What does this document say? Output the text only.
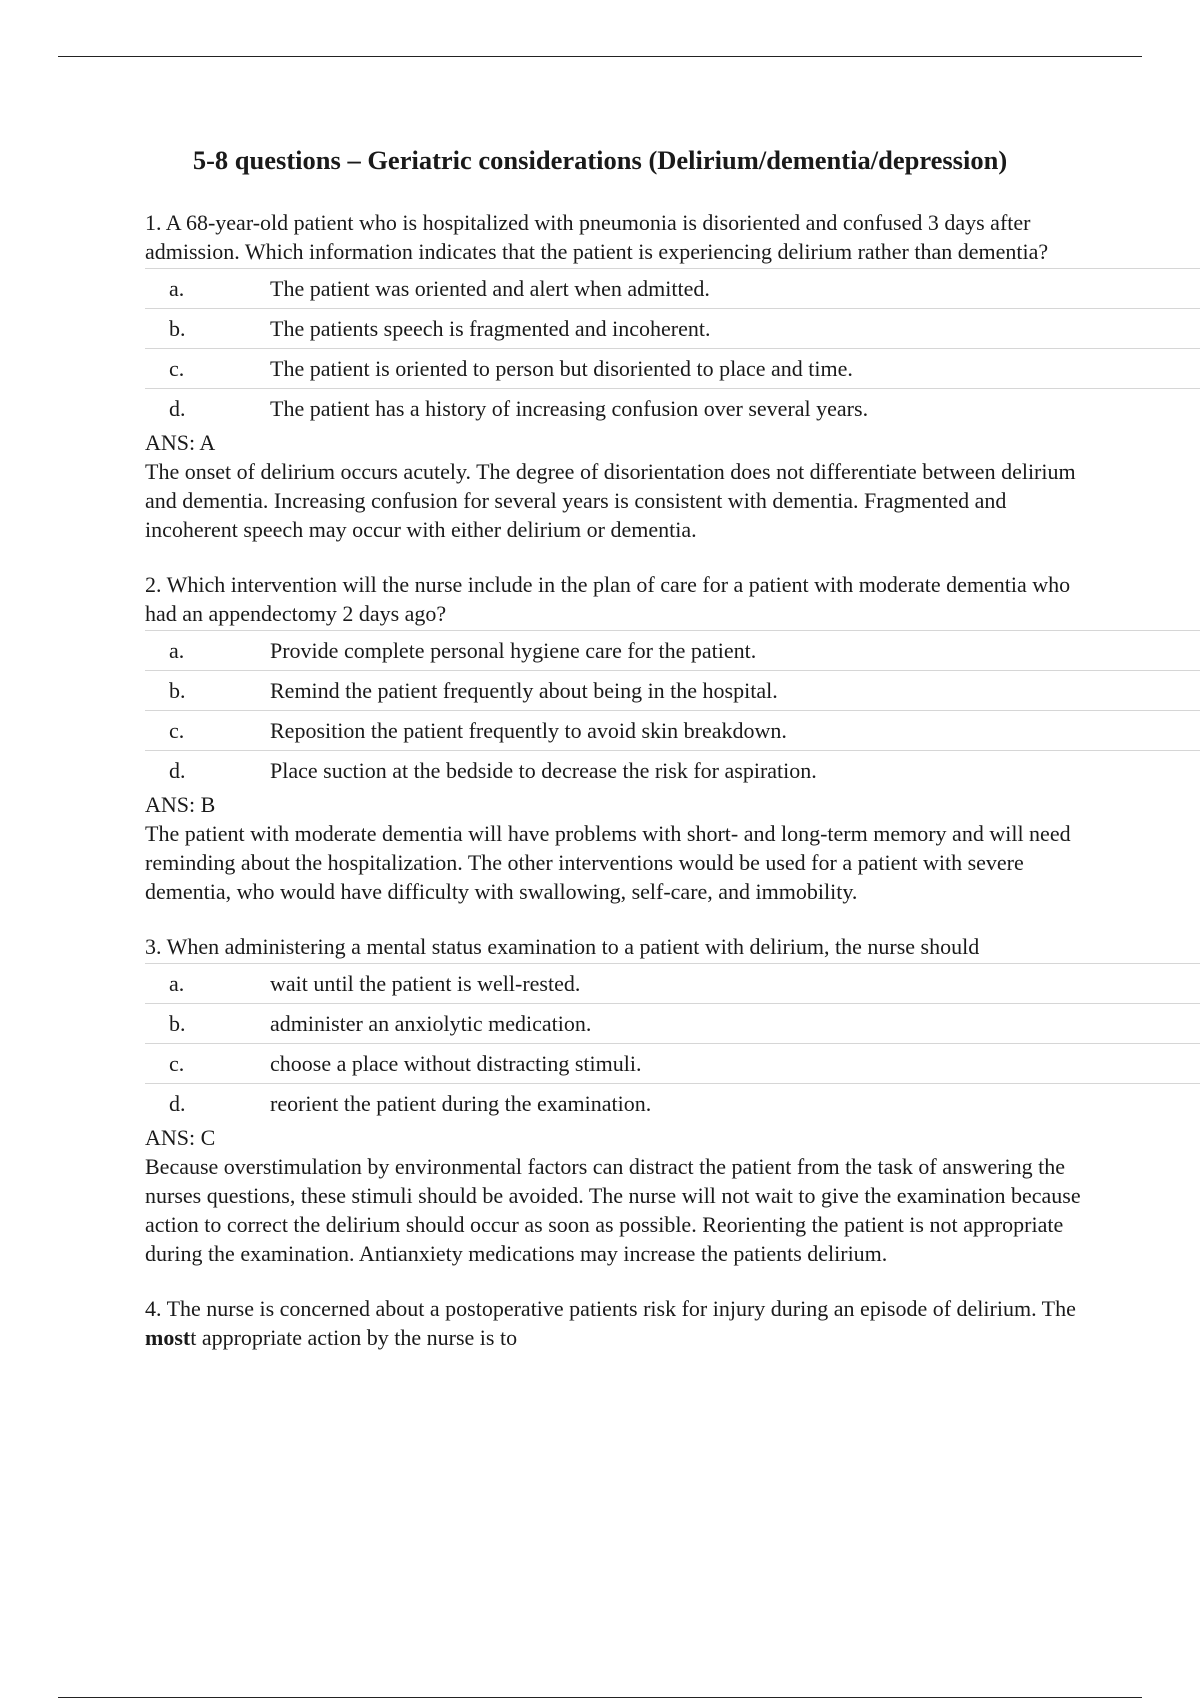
5-8 questions – Geriatric considerations (Delirium/dementia/depression)

1. A 68-year-old patient who is hospitalized with pneumonia is disoriented and confused 3 days after admission. Which information indicates that the patient is experiencing delirium rather than dementia?

a.	The patient was oriented and alert when admitted.
b.	The patients speech is fragmented and incoherent.
c.	The patient is oriented to person but disoriented to place and time.
d.	The patient has a history of increasing confusion over several years.

ANS: A

The onset of delirium occurs acutely. The degree of disorientation does not differentiate between delirium and dementia. Increasing confusion for several years is consistent with dementia. Fragmented and incoherent speech may occur with either delirium or dementia.

2. Which intervention will the nurse include in the plan of care for a patient with moderate dementia who had an appendectomy 2 days ago?

a.	Provide complete personal hygiene care for the patient.
b.	Remind the patient frequently about being in the hospital.
c.	Reposition the patient frequently to avoid skin breakdown.
d.	Place suction at the bedside to decrease the risk for aspiration.

ANS: B

The patient with moderate dementia will have problems with short- and long-term memory and will need reminding about the hospitalization. The other interventions would be used for a patient with severe dementia, who would have difficulty with swallowing, self-care, and immobility.

3. When administering a mental status examination to a patient with delirium, the nurse should

a.	wait until the patient is well-rested.
b.	administer an anxiolytic medication.
c.	choose a place without distracting stimuli.
d.	reorient the patient during the examination.

ANS: C

Because overstimulation by environmental factors can distract the patient from the task of answering the nurses questions, these stimuli should be avoided. The nurse will not wait to give the examination because action to correct the delirium should occur as soon as possible. Reorienting the patient is not appropriate during the examination. Antianxiety medications may increase the patients delirium.

4. The nurse is concerned about a postoperative patients risk for injury during an episode of delirium. The mostt appropriate action by the nurse is to
